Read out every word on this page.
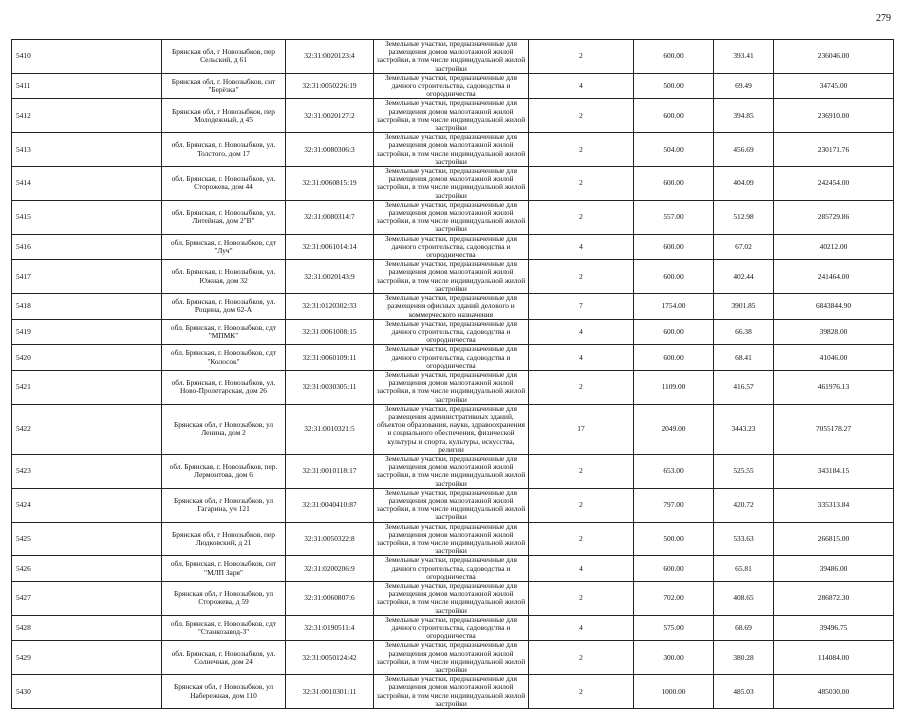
279
5410	Брянская обл, г Новозыбков, пер Сельский, д 61	32:31:0020123:4	Земельные участки, предназначенные для размещения домов малоэтажной жилой застройки, в том числе индивидуальной жилой застройки	2	600.00	393.41	236046.00
5411	Брянская обл, г. Новозыбков, снт "Берёзка"	32:31:0050226:19	Земельные участки, предназначенные для дачного строительства, садоводства и огородничества	4	500.00	69.49	34745.00
5412	Брянская обл, г Новозыбков, пер Молодежный, д 45	32:31:0020127:2	Земельные участки, предназначенные для размещения домов малоэтажной жилой застройки, в том числе индивидуальной жилой застройки	2	600.00	394.85	236910.00
5413	обл. Брянская, г. Новозыбков, ул. Толстого, дом 17	32:31:0080306:3	Земельные участки, предназначенные для размещения домов малоэтажной жилой застройки, в том числе индивидуальной жилой застройки	2	504.00	456.69	230171.76
5414	обл. Брянская, г. Новозыбков, ул. Сторожева, дом 44	32:31:0060815:19	Земельные участки, предназначенные для размещения домов малоэтажной жилой застройки, в том числе индивидуальной жилой застройки	2	600.00	404.09	242454.00
5415	обл. Брянская, г. Новозыбков, ул. Литейная, дом 2"В"	32:31:0080314:7	Земельные участки, предназначенные для размещения домов малоэтажной жилой застройки, в том числе индивидуальной жилой застройки	2	557.00	512.98	285729.86
5416	обл. Брянская, г. Новозыбков, сдт "Луч"	32:31:0061014:14	Земельные участки, предназначенные для дачного строительства, садоводства и огородничества	4	600.00	67.02	40212.00
5417	обл. Брянская, г. Новозыбков, ул. Южная, дом 32	32:31:0020143:9	Земельные участки, предназначенные для размещения домов малоэтажной жилой застройки, в том числе индивидуальной жилой застройки	2	600.00	402.44	241464.00
5418	обл. Брянская, г. Новозыбков, ул. Рощина, дом 62-А	32:31:0120302:33	Земельные участки, предназначенные для размещения офисных зданий делового и коммерческого назначения	7	1754.00	3901.85	6843844.90
5419	обл. Брянская, г. Новозыбков, сдт "МПМК"	32:31:0061008:15	Земельные участки, предназначенные для дачного строительства, садоводства и огородничества	4	600.00	66.38	39828.00
5420	обл. Брянская, г. Новозыбков, сдт "Колосок"	32:31:0060109:11	Земельные участки, предназначенные для дачного строительства, садоводства и огородничества	4	600.00	68.41	41046.00
5421	обл. Брянская, г. Новозыбков, ул. Ново-Пролетарская, дом 26	32:31:0030305:11	Земельные участки, предназначенные для размещения домов малоэтажной жилой застройки, в том числе индивидуальной жилой застройки	2	1109.00	416.57	461976.13
5422	Брянская обл, г Новозыбков, ул Ленина, дом 2	32:31:0010321:5	Земельные участки, предназначенные для размещения административных зданий, объектов образования, науки, здравоохранения и социального обеспечения, физической культуры и спорта, культуры, искусства, религии	17	2049.00	3443.23	7055178.27
5423	обл. Брянская, г. Новозыбков, пер. Лермонтова, дом 6	32:31:0010118:17	Земельные участки, предназначенные для размещения домов малоэтажной жилой застройки, в том числе индивидуальной жилой застройки	2	653.00	525.55	343184.15
5424	Брянская обл, г Новозыбков, ул Гагарина, уч 121	32:31:0040410:87	Земельные участки, предназначенные для размещения домов малоэтажной жилой застройки, в том числе индивидуальной жилой застройки	2	797.00	420.72	335313.84
5425	Брянская обл, г Новозыбков, пер Людковский, д 21	32:31:0050322:8	Земельные участки, предназначенные для размещения домов малоэтажной жилой застройки, в том числе индивидуальной жилой застройки	2	500.00	533.63	266815.00
5426	обл. Брянская, г. Новозыбков, снт "МЛП Заря"	32:31:0200206:9	Земельные участки, предназначенные для дачного строительства, садоводства и огородничества	4	600.00	65.81	39486.00
5427	Брянская обл, г Новозыбков, ул Сторожева, д 59	32:31:0060807:6	Земельные участки, предназначенные для размещения домов малоэтажной жилой застройки, в том числе индивидуальной жилой застройки	2	702.00	408.65	286872.30
5428	обл. Брянская, г. Новозыбков, сдт "Станкозавод-3"	32:31:0190511:4	Земельные участки, предназначенные для дачного строительства, садоводства и огородничества	4	575.00	68.69	39496.75
5429	обл. Брянская, г. Новозыбков, ул. Солнечная, дом 24	32:31:0050124:42	Земельные участки, предназначенные для размещения домов малоэтажной жилой застройки, в том числе индивидуальной жилой застройки	2	300.00	380.28	114084.00
5430	Брянская обл, г Новозыбков, ул Набережная, дом 110	32:31:0010301:11	Земельные участки, предназначенные для размещения домов малоэтажной жилой застройки, в том числе индивидуальной жилой застройки	2	1000.00	485.03	485030.00
